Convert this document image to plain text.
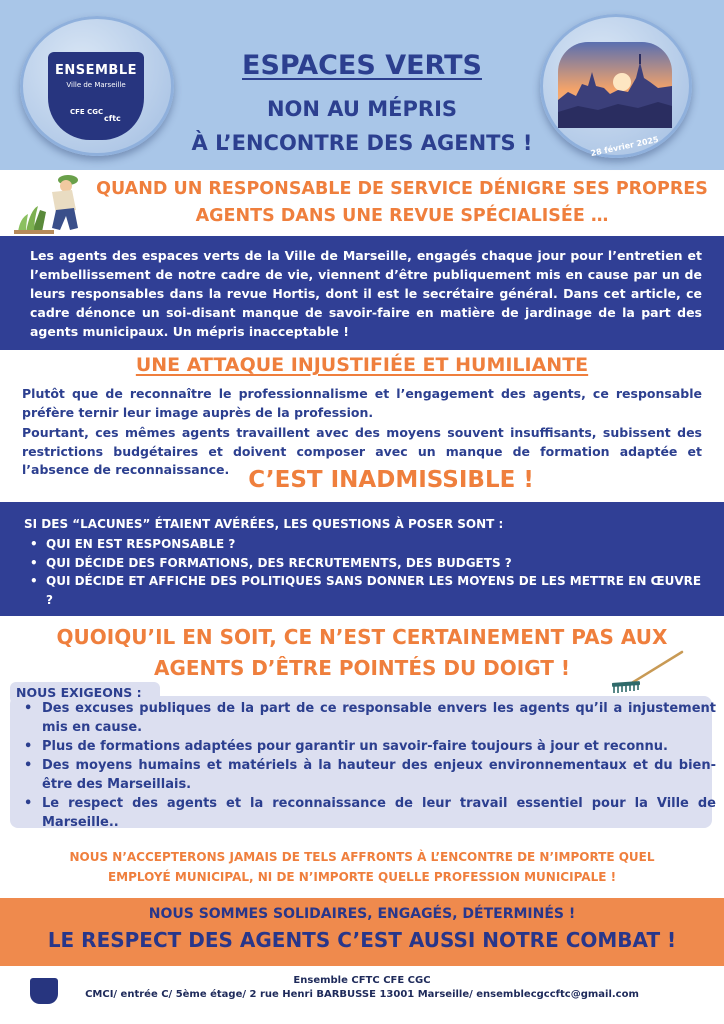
ENSEMBLE
Ville de Marseille
CFE CGC
cftc
ESPACES VERTS
NON AU MÉPRIS
À L’ENCONTRE DES AGENTS !	28 février 2025
QUAND UN RESPONSABLE DE SERVICE DÉNIGRE SES PROPRES AGENTS DANS UNE REVUE SPÉCIALISÉE …

Les agents des espaces verts de la Ville de Marseille, engagés chaque jour pour l’entretien et l’embellissement de notre cadre de vie, viennent d’être publiquement mis en cause par un de leurs responsables dans la revue Hortis, dont il est le secrétaire général. Dans cet article, ce cadre dénonce un soi-disant manque de savoir-faire en matière de jardinage de la part des agents municipaux. Un mépris inacceptable !

UNE ATTAQUE INJUSTIFIÉE ET HUMILIANTE

Plutôt que de reconnaître le professionnalisme et l’engagement des agents, ce responsable préfère ternir leur image auprès de la profession.

Pourtant, ces mêmes agents travaillent avec des moyens souvent insuffisants, subissent des restrictions budgétaires et doivent composer avec un manque de formation adaptée et l’absence de reconnaissance. C’EST INADMISSIBLE !
SI DES “LACUNES” ÉTAIENT AVÉRÉES, LES QUESTIONS À POSER SONT :
• QUI EN EST RESPONSABLE ?
• QUI DÉCIDE DES FORMATIONS, DES RECRUTEMENTS, DES BUDGETS ?
• QUI DÉCIDE ET AFFICHE DES POLITIQUES SANS DONNER LES MOYENS DE LES METTRE EN ŒUVRE ?
QUOIQU’IL EN SOIT, CE N’EST CERTAINEMENT PAS AUX
AGENTS D’ÊTRE POINTÉS DU DOIGT !
NOUS EXIGEONS :
• Des excuses publiques de la part de ce responsable envers les agents qu’il a injustement mis en cause.
• Plus de formations adaptées pour garantir un savoir-faire toujours à jour et reconnu.
• Des moyens humains et matériels à la hauteur des enjeux environnementaux et du bien-être des Marseillais.
• Le respect des agents et la reconnaissance de leur travail essentiel pour la Ville de Marseille..
NOUS N’ACCEPTERONS JAMAIS DE TELS AFFRONTS À L’ENCONTRE DE N’IMPORTE QUEL
EMPLOYÉ MUNICIPAL, NI DE N’IMPORTE QUELLE PROFESSION MUNICIPALE !
NOUS SOMMES SOLIDAIRES, ENGAGÉS, DÉTERMINÉS !
LE RESPECT DES AGENTS C’EST AUSSI NOTRE COMBAT !
Ensemble CFTC CFE CGC
CMCI/ entrée C/ 5ème étage/ 2 rue Henri BARBUSSE 13001 Marseille/ ensemblecgccftc@gmail.com
